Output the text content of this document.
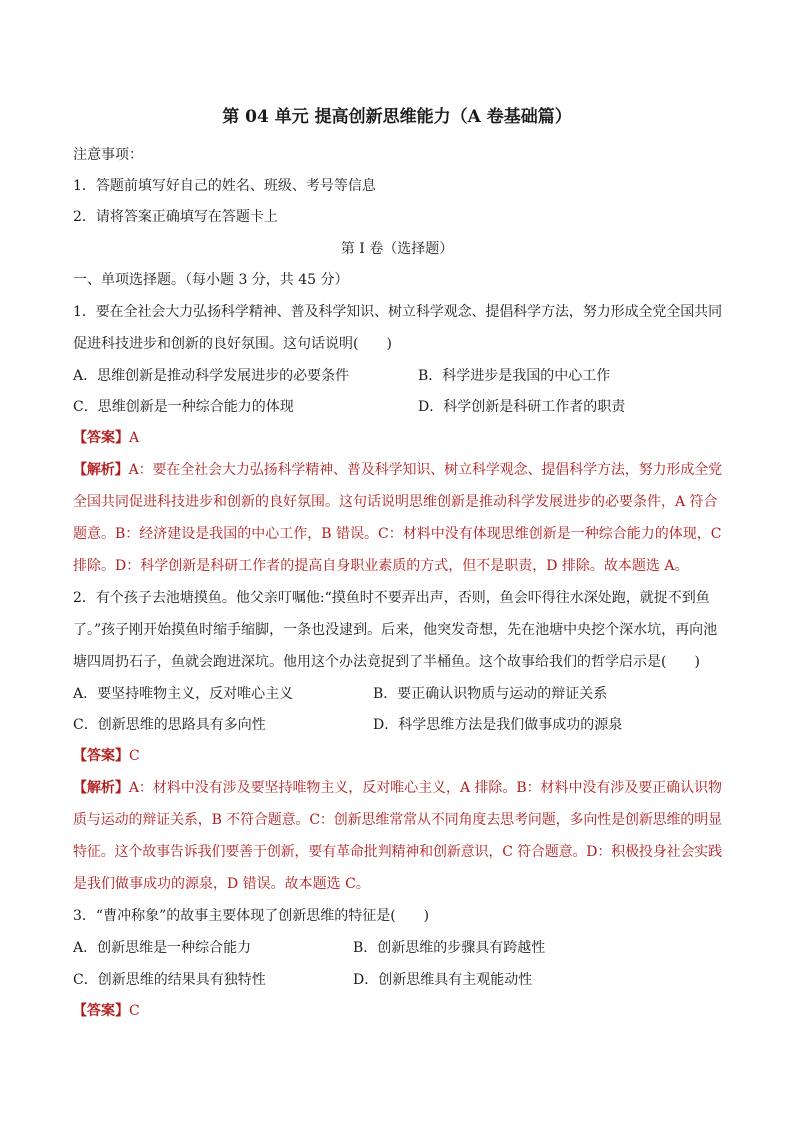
第 04 单元 提高创新思维能力（A 卷基础篇）
注意事项：
1．答题前填写好自己的姓名、班级、考号等信息
2．请将答案正确填写在答题卡上
第 I 卷（选择题）
一、单项选择题。（每小题 3 分，共 45 分）
1．要在全社会大力弘扬科学精神、普及科学知识、树立科学观念、提倡科学方法，努力形成全党全国共同
促进科技进步和创新的良好氛围。这句话说明(　　)
A．思维创新是推动科学发展进步的必要条件	B．科学进步是我国的中心工作
C．思维创新是一种综合能力的体现	D．科学创新是科研工作者的职责
【答案】A
【解析】A：要在全社会大力弘扬科学精神、普及科学知识、树立科学观念、提倡科学方法，努力形成全党
全国共同促进科技进步和创新的良好氛围。这句话说明思维创新是推动科学发展进步的必要条件，A 符合
题意。B：经济建设是我国的中心工作，B 错误。C：材料中没有体现思维创新是一种综合能力的体现，C
排除。D：科学创新是科研工作者的提高自身职业素质的方式，但不是职责，D 排除。故本题选 A。
2．有个孩子去池塘摸鱼。他父亲叮嘱他:“摸鱼时不要弄出声，否则，鱼会吓得往水深处跑，就捉不到鱼
了。”孩子刚开始摸鱼时缩手缩脚，一条也没逮到。后来，他突发奇想，先在池塘中央挖个深水坑，再向池
塘四周扔石子，鱼就会跑进深坑。他用这个办法竟捉到了半桶鱼。这个故事给我们的哲学启示是(　　)
A．要坚持唯物主义，反对唯心主义	B．要正确认识物质与运动的辩证关系
C．创新思维的思路具有多向性	D．科学思维方法是我们做事成功的源泉
【答案】C
【解析】A：材料中没有涉及要坚持唯物主义，反对唯心主义，A 排除。B：材料中没有涉及要正确认识物
质与运动的辩证关系，B 不符合题意。C：创新思维常常从不同角度去思考问题，多向性是创新思维的明显
特征。这个故事告诉我们要善于创新，要有革命批判精神和创新意识，C 符合题意。D：积极投身社会实践
是我们做事成功的源泉，D 错误。故本题选 C。
3．“曹冲称象”的故事主要体现了创新思维的特征是(　　)
A．创新思维是一种综合能力	B．创新思维的步骤具有跨越性
C．创新思维的结果具有独特性	D．创新思维具有主观能动性
【答案】C
